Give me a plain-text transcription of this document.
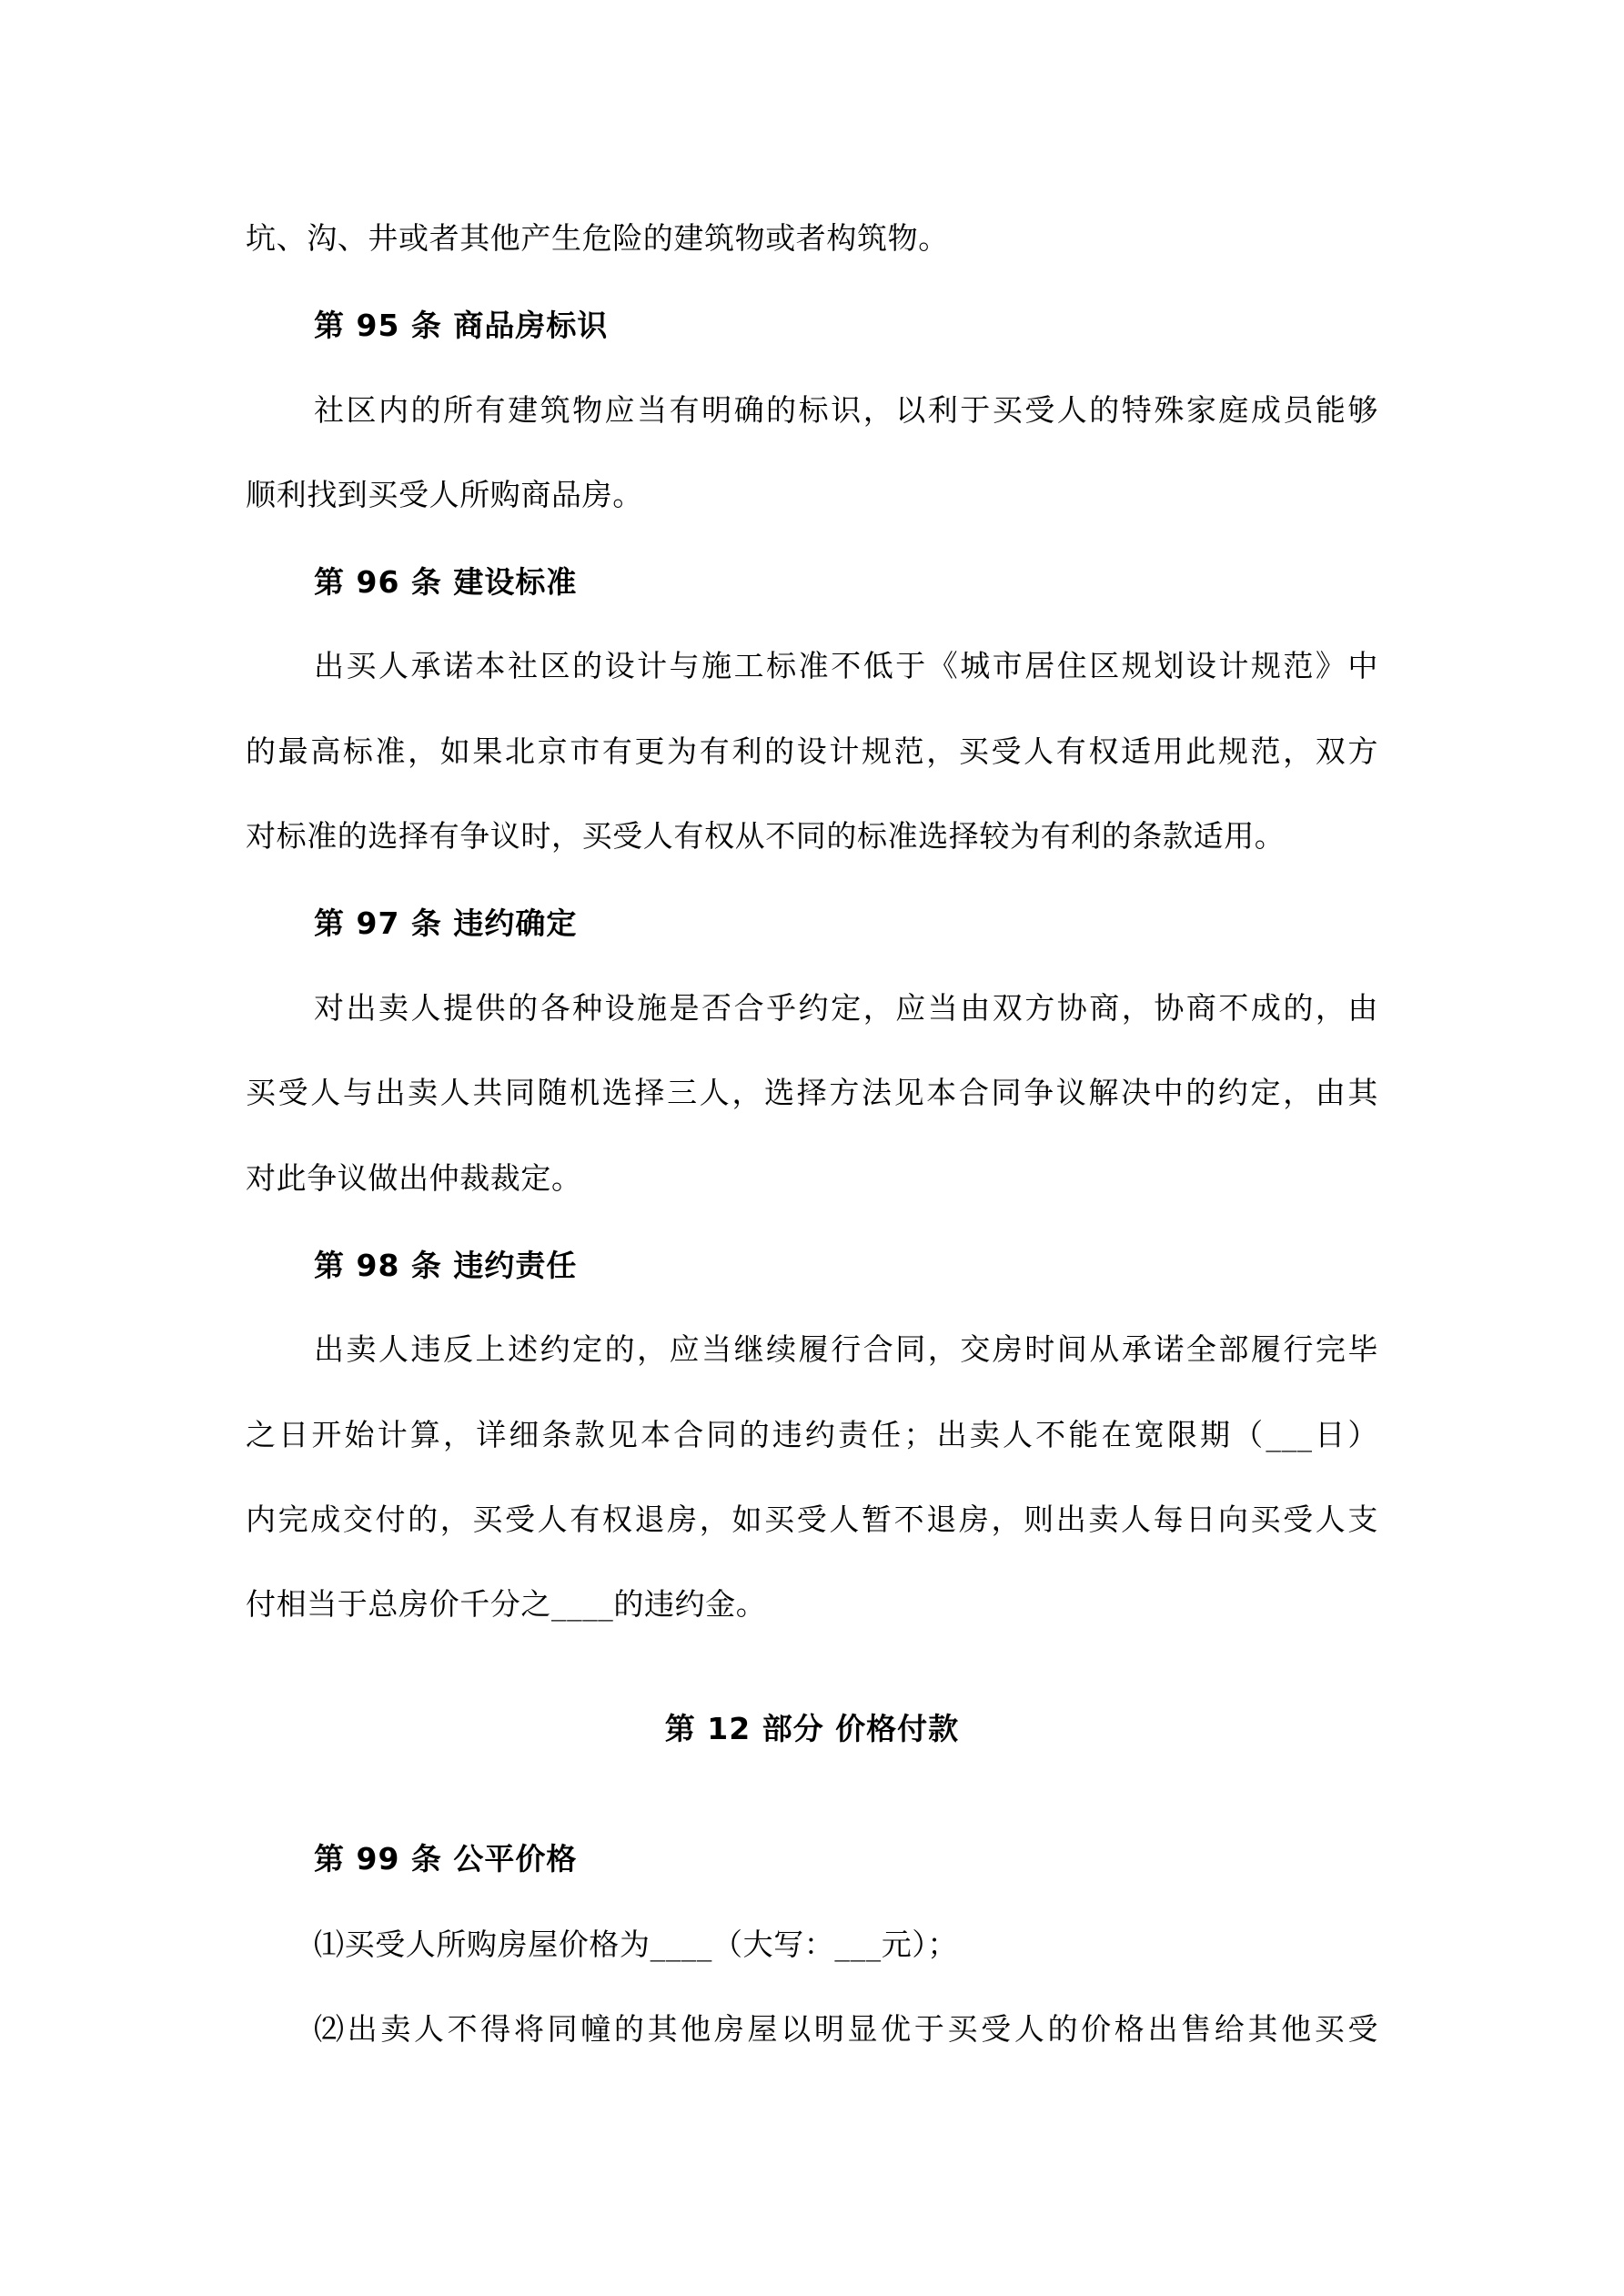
坑、沟、井或者其他产生危险的建筑物或者构筑物。
第 95 条 商品房标识
社区内的所有建筑物应当有明确的标识，以利于买受人的特殊家庭成员能够
顺利找到买受人所购商品房。
第 96 条 建设标准
出买人承诺本社区的设计与施工标准不低于《城市居住区规划设计规范》中
的最高标准，如果北京市有更为有利的设计规范，买受人有权适用此规范，双方
对标准的选择有争议时，买受人有权从不同的标准选择较为有利的条款适用。
第 97 条 违约确定
对出卖人提供的各种设施是否合乎约定，应当由双方协商，协商不成的，由
买受人与出卖人共同随机选择三人，选择方法见本合同争议解决中的约定，由其
对此争议做出仲裁裁定。
第 98 条 违约责任
出卖人违反上述约定的，应当继续履行合同，交房时间从承诺全部履行完毕
之日开始计算，详细条款见本合同的违约责任；出卖人不能在宽限期（___日）
内完成交付的，买受人有权退房，如买受人暂不退房，则出卖人每日向买受人支
付相当于总房价千分之____的违约金。
第 12 部分 价格付款
第 99 条 公平价格
⑴买受人所购房屋价格为____（大写：___元）；
⑵出卖人不得将同幢的其他房屋以明显优于买受人的价格出售给其他买受
